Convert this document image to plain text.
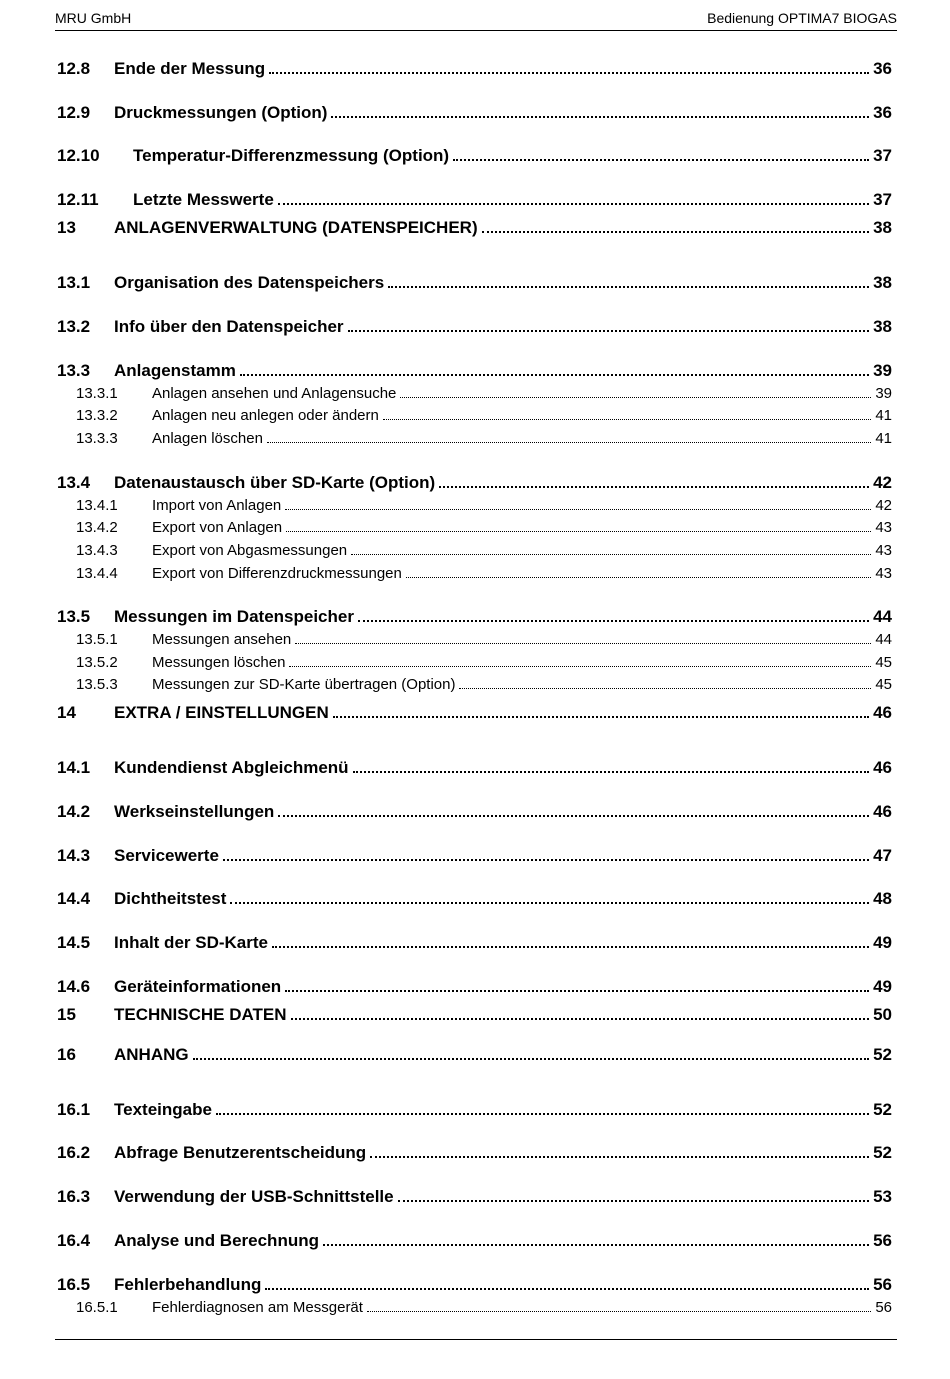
MRU GmbH	Bedienung OPTIMA7 BIOGAS
12.8	Ende der Messung	36
12.9	Druckmessungen (Option)	36
12.10	Temperatur-Differenzmessung (Option)	37
12.11	Letzte Messwerte	37
13	ANLAGENVERWALTUNG (DATENSPEICHER)	38
13.1	Organisation des Datenspeichers	38
13.2	Info über den Datenspeicher	38
13.3	Anlagenstamm	39
13.3.1	Anlagen ansehen und Anlagensuche	39
13.3.2	Anlagen neu anlegen oder ändern	41
13.3.3	Anlagen löschen	41
13.4	Datenaustausch über SD-Karte (Option)	42
13.4.1	Import von Anlagen	42
13.4.2	Export von Anlagen	43
13.4.3	Export von Abgasmessungen	43
13.4.4	Export von Differenzdruckmessungen	43
13.5	Messungen im Datenspeicher	44
13.5.1	Messungen ansehen	44
13.5.2	Messungen löschen	45
13.5.3	Messungen zur SD-Karte übertragen (Option)	45
14	EXTRA / EINSTELLUNGEN	46
14.1	Kundendienst Abgleichmenü	46
14.2	Werkseinstellungen	46
14.3	Servicewerte	47
14.4	Dichtheitstest	48
14.5	Inhalt der SD-Karte	49
14.6	Geräteinformationen	49
15	TECHNISCHE DATEN	50
16	ANHANG	52
16.1	Texteingabe	52
16.2	Abfrage Benutzerentscheidung	52
16.3	Verwendung der USB-Schnittstelle	53
16.4	Analyse und Berechnung	56
16.5	Fehlerbehandlung	56
16.5.1	Fehlerdiagnosen am Messgerät	56
